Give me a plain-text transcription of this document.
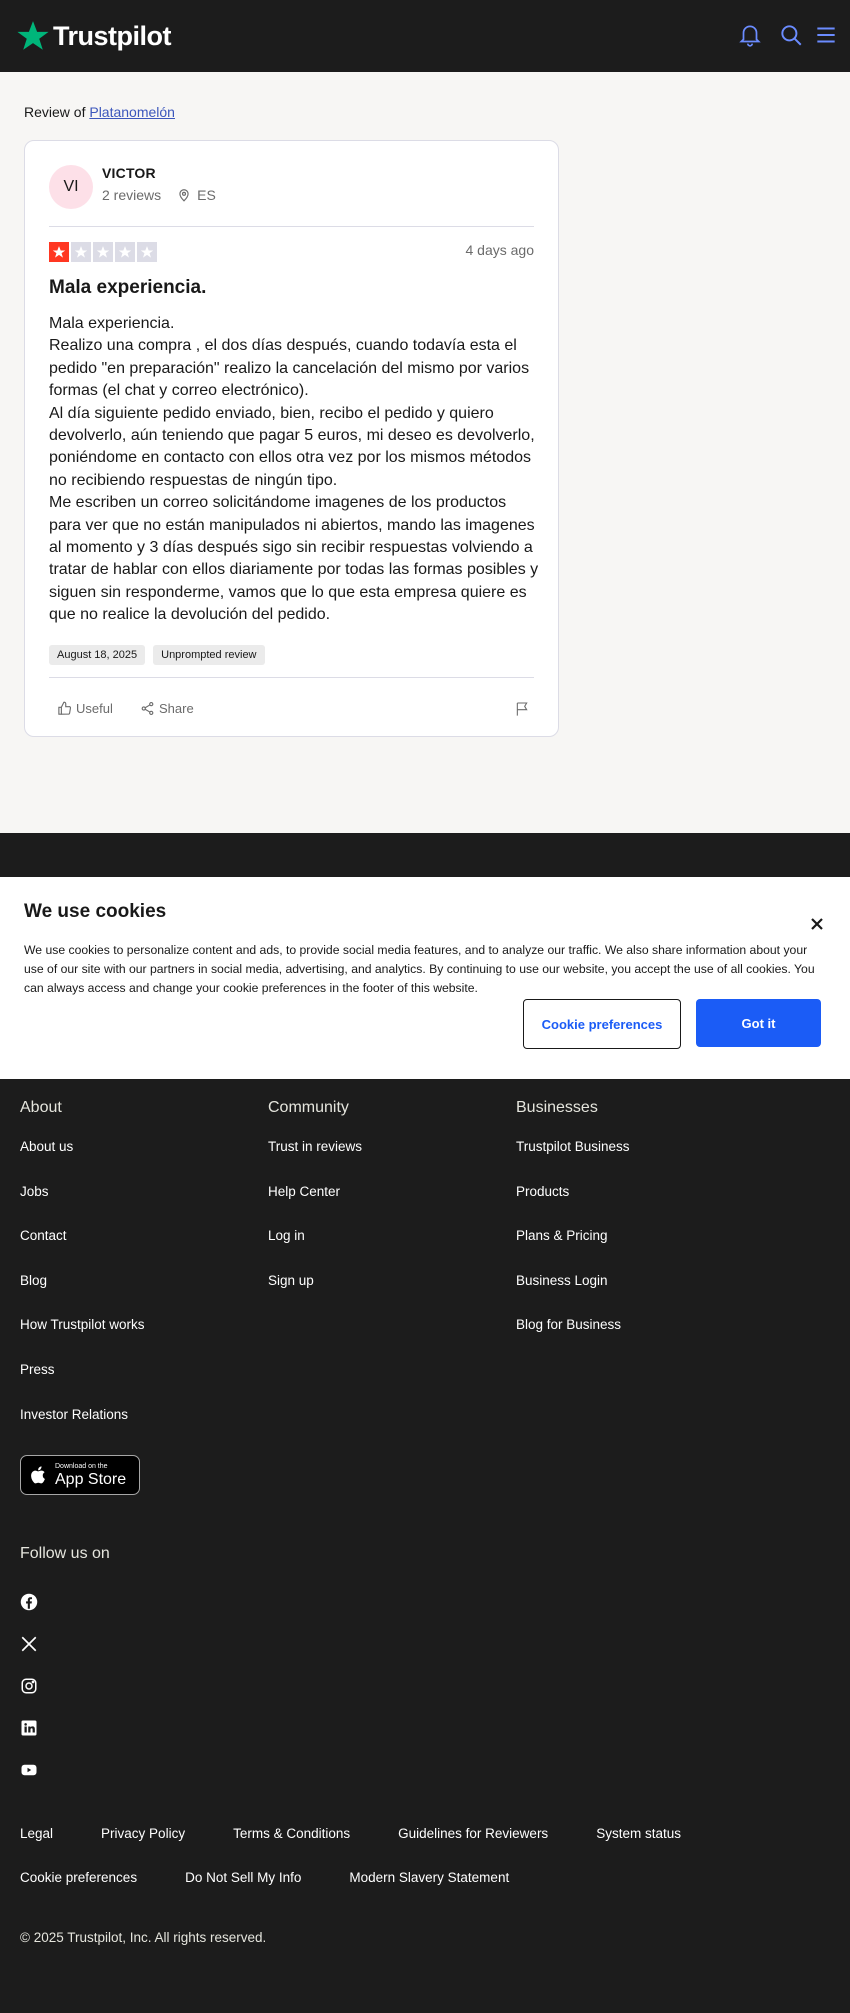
Trustpilot
Review of Platanomelón
VI
VICTOR
2 reviews	ES
4 days ago
Mala experiencia.

Mala experiencia.

Realizo una compra , el dos días después, cuando todavía esta el pedido "en preparación" realizo la cancelación del mismo por varios formas (el chat y correo electrónico).

Al día siguiente pedido enviado, bien, recibo el pedido y quiero devolverlo, aún teniendo que pagar 5 euros, mi deseo es devolverlo, poniéndome en contacto con ellos otra vez por los mismos métodos no recibiendo respuestas de ningún tipo.

Me escriben un correo solicitándome imagenes de los productos para ver que no están manipulados ni abiertos, mando las imagenes al momento y 3 días después sigo sin recibir respuestas volviendo a tratar de hablar con ellos diariamente por todas las formas posibles y siguen sin responderme, vamos que lo que esta empresa quiere es que no realice la devolución del pedido.

August 18, 2025	Unprompted review
Useful	Share
We use cookies
We use cookies to personalize content and ads, to provide social media features, and to analyze our traffic. We also share information about your use of our site with our partners in social media, advertising, and analytics. By continuing to use our website, you accept the use of all cookies. You can always access and change your cookie preferences in the footer of this website.
Cookie preferences	Got it
About
About us
Jobs
Contact
Blog
How Trustpilot works
Press
Investor Relations
Community
Trust in reviews
Help Center
Log in
Sign up
Businesses
Trustpilot Business
Products
Plans & Pricing
Business Login
Blog for Business
Download on the
App Store
Follow us on
Legal	Privacy Policy	Terms & Conditions	Guidelines for Reviewers	System status
Cookie preferences	Do Not Sell My Info	Modern Slavery Statement
© 2025 Trustpilot, Inc. All rights reserved.
